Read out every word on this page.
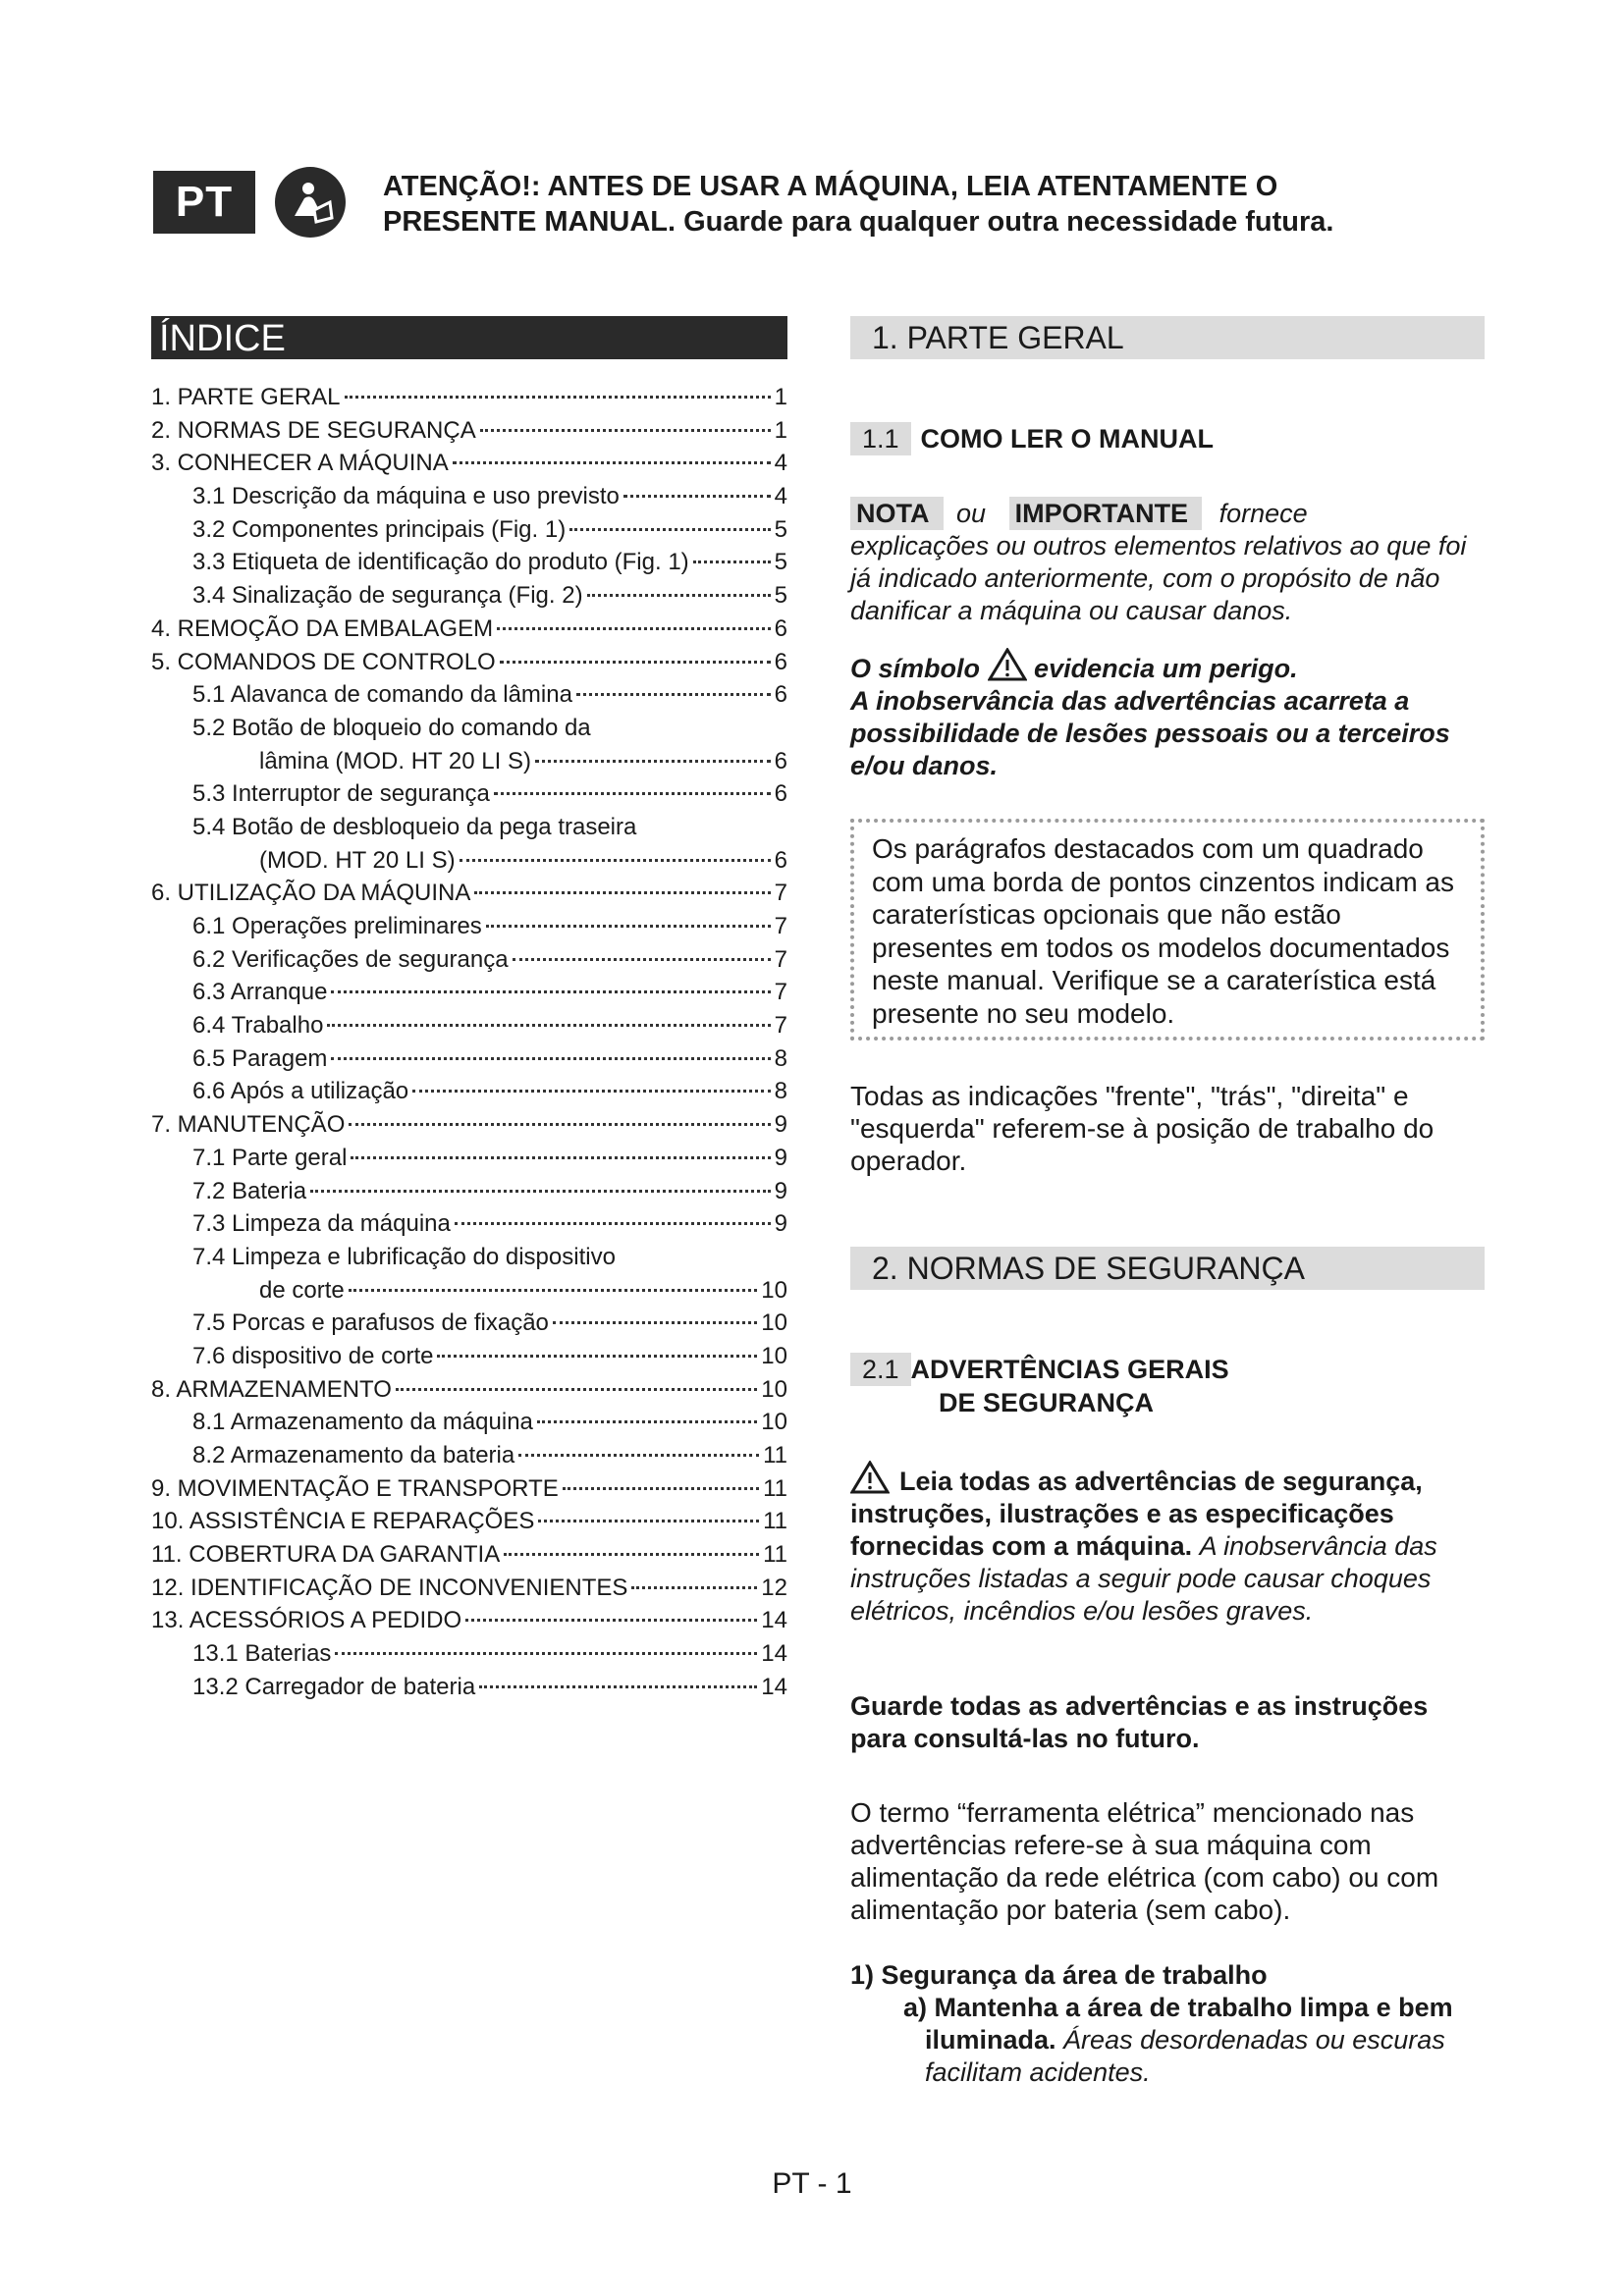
PT	ATENÇÃO!: ANTES DE USAR A MÁQUINA, LEIA ATENTAMENTE O
PRESENTE MANUAL. Guarde para qualquer outra necessidade futura.
ÍNDICE
1. PARTE GERAL	1
2. NORMAS DE SEGURANÇA	1
3. CONHECER A MÁQUINA	4
3.1 Descrição da máquina e uso previsto	4
3.2 Componentes principais (Fig. 1)	5
3.3 Etiqueta de identificação do produto (Fig. 1)	5
3.4 Sinalização de segurança (Fig. 2)	5
4. REMOÇÃO DA EMBALAGEM	6
5. COMANDOS DE CONTROLO	6
5.1 Alavanca de comando da lâmina	6
5.2 Botão de bloqueio do comando da
lâmina (MOD. HT 20 LI S)	6
5.3 Interruptor de segurança	6
5.4 Botão de desbloqueio da pega traseira
(MOD. HT 20 LI S)	6
6. UTILIZAÇÃO DA MÁQUINA	7
6.1 Operações preliminares	7
6.2 Verificações de segurança	7
6.3 Arranque	7
6.4 Trabalho	7
6.5 Paragem	8
6.6 Após a utilização	8
7. MANUTENÇÃO	9
7.1 Parte geral	9
7.2 Bateria	9
7.3 Limpeza da máquina	9
7.4 Limpeza e lubrificação do dispositivo
de corte	10
7.5 Porcas e parafusos de fixação	10
7.6 dispositivo de corte	10
8. ARMAZENAMENTO	10
8.1 Armazenamento da máquina	10
8.2 Armazenamento da bateria	11
9. MOVIMENTAÇÃO E TRANSPORTE	11
10. ASSISTÊNCIA E REPARAÇÕES	11
11. COBERTURA DA GARANTIA	11
12. IDENTIFICAÇÃO DE INCONVENIENTES	12
13. ACESSÓRIOS A PEDIDO	14
13.1 Baterias	14
13.2 Carregador de bateria	14
1. PARTE GERAL
1.1 COMO LER O MANUAL

NOTA ou IMPORTANTE fornece
explicações ou outros elementos relativos ao que foi já indicado anteriormente, com o propósito de não danificar a máquina ou causar danos.

O símbolo evidencia um perigo.
A inobservância das advertências acarreta a possibilidade de lesões pessoais ou a terceiros e/ou danos.

Os parágrafos destacados com um quadrado com uma borda de pontos cinzentos indicam as caraterísticas opcionais que não estão presentes em todos os modelos documentados neste manual. Verifique se a caraterística está presente no seu modelo.

Todas as indicações "frente", "trás", "direita" e "esquerda" referem-se à posição de trabalho do operador.

2. NORMAS DE SEGURANÇA
2.1 ADVERTÊNCIAS GERAIS
DE SEGURANÇA

Leia todas as advertências de segurança, instruções, ilustrações e as especificações fornecidas com a máquina. A inobservância das instruções listadas a seguir pode causar choques elétricos, incêndios e/ou lesões graves.

Guarde todas as advertências e as instruções para consultá-las no futuro.

O termo “ferramenta elétrica” mencionado nas advertências refere-se à sua máquina com alimentação da rede elétrica (com cabo) ou com alimentação por bateria (sem cabo).

1) Segurança da área de trabalho

a) Mantenha a área de trabalho limpa e bem iluminada. Áreas desordenadas ou escuras facilitam acidentes.

PT - 1
